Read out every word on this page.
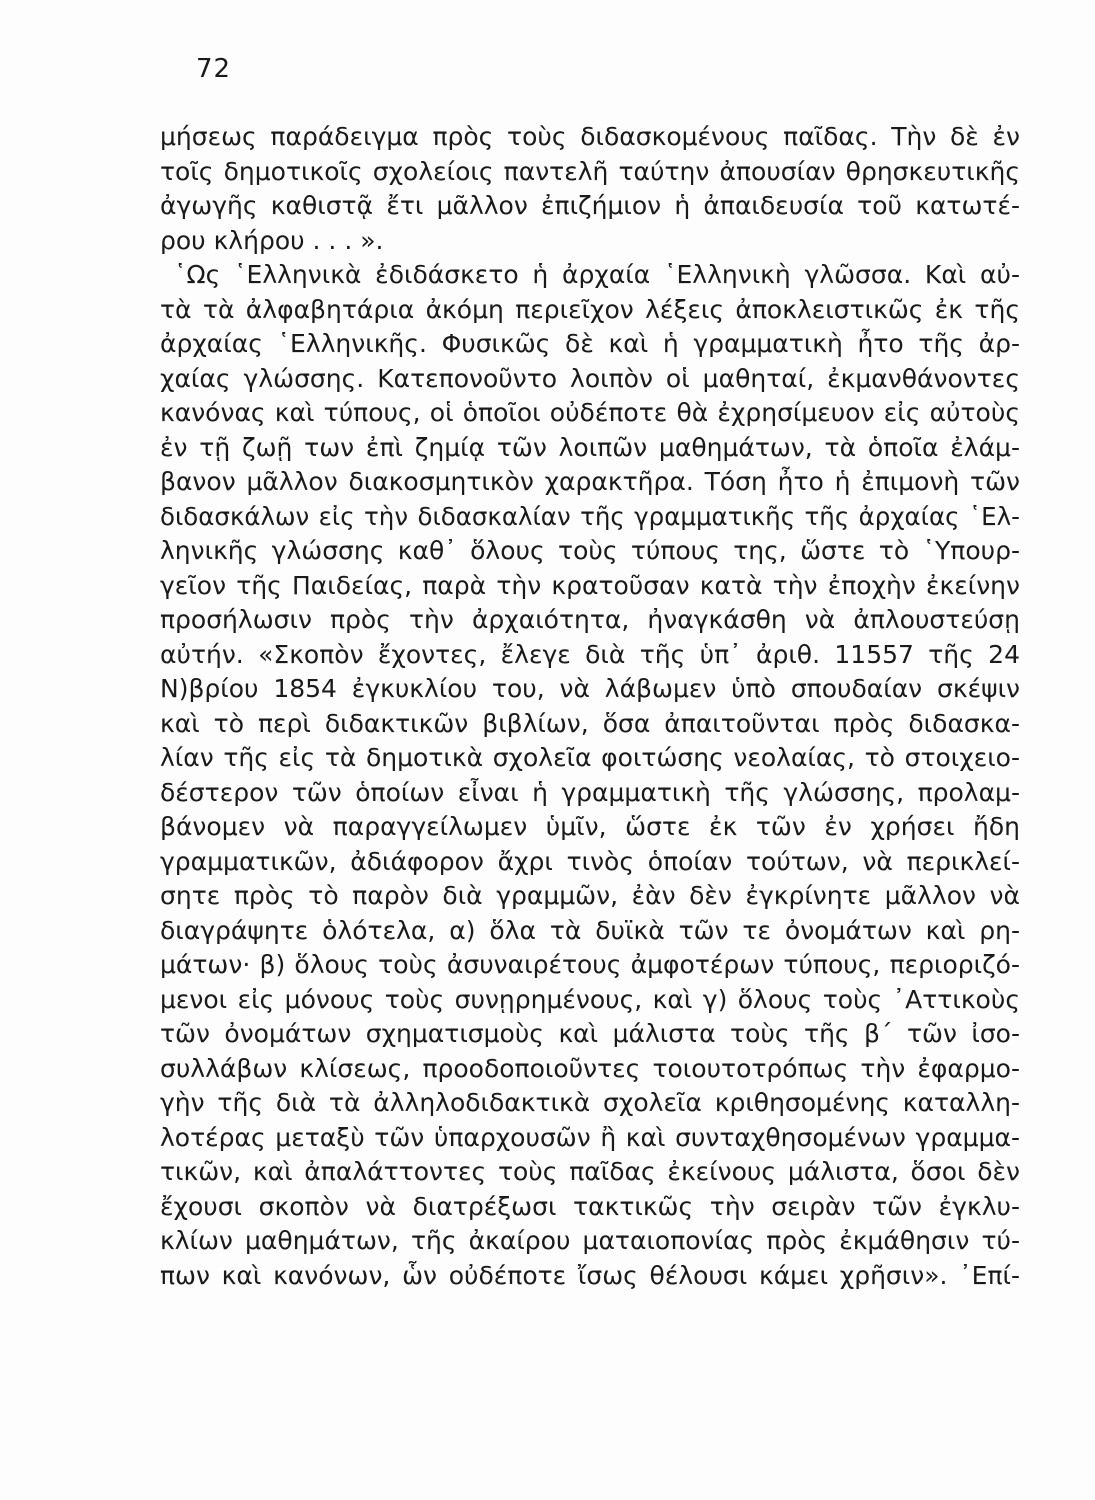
72
μήσεως παράδειγμα πρὸς τοὺς διδασκομένους παῖδας. Τὴν δὲ ἐν
τοῖς δημοτικοῖς σχολείοις παντελῆ ταύτην ἀπουσίαν θρησκευτικῆς
ἀγωγῆς καθιστᾷ ἔτι μᾶλλον ἐπιζήμιον ἡ ἀπαιδευσία τοῦ κατωτέ-
ρου κλήρου . . . ».
῾Ως ῾Ελληνικὰ ἐδιδάσκετο ἡ ἀρχαία ῾Ελληνικὴ γλῶσσα. Καὶ αὐ-
τὰ τὰ ἀλφαβητάρια ἀκόμη περιεῖχον λέξεις ἀποκλειστικῶς ἐκ τῆς
ἀρχαίας ῾Ελληνικῆς. Φυσικῶς δὲ καὶ ἡ γραμματικὴ ἦτο τῆς ἀρ-
χαίας γλώσσης. Κατεπονοῦντο λοιπὸν οἱ μαθηταί, ἐκμανθάνοντες
κανόνας καὶ τύπους, οἱ ὁποῖοι οὐδέποτε θὰ ἐχρησίμευον εἰς αὐτοὺς
ἐν τῇ ζωῇ των ἐπὶ ζημίᾳ τῶν λοιπῶν μαθημάτων, τὰ ὁποῖα ἐλάμ-
βανον μᾶλλον διακοσμητικὸν χαρακτῆρα. Τόση ἦτο ἡ ἐπιμονὴ τῶν
διδασκάλων εἰς τὴν διδασκαλίαν τῆς γραμματικῆς τῆς ἀρχαίας ῾Ελ-
ληνικῆς γλώσσης καθ᾿ ὅλους τοὺς τύπους της, ὥστε τὸ ῾Υπουρ-
γεῖον τῆς Παιδείας, παρὰ τὴν κρατοῦσαν κατὰ τὴν ἐποχὴν ἐκείνην
προσήλωσιν πρὸς τὴν ἀρχαιότητα, ἠναγκάσθη νὰ ἀπλουστεύσῃ
αὐτήν. «Σκοπὸν ἔχοντες, ἔλεγε διὰ τῆς ὑπ᾿ ἀριθ. 11557 τῆς 24
Ν)βρίου 1854 ἐγκυκλίου του, νὰ λάβωμεν ὑπὸ σπουδαίαν σκέψιν
καὶ τὸ περὶ διδακτικῶν βιβλίων, ὅσα ἀπαιτοῦνται πρὸς διδασκα-
λίαν τῆς εἰς τὰ δημοτικὰ σχολεῖα φοιτώσης νεολαίας, τὸ στοιχειο-
δέστερον τῶν ὁποίων εἶναι ἡ γραμματικὴ τῆς γλώσσης, προλαμ-
βάνομεν νὰ παραγγείλωμεν ὑμῖν, ὥστε ἐκ τῶν ἐν χρήσει ἤδη
γραμματικῶν, ἀδιάφορον ἄχρι τινὸς ὁποίαν τούτων, νὰ περικλεί-
σητε πρὸς τὸ παρὸν διὰ γραμμῶν, ἐὰν δὲν ἐγκρίνητε μᾶλλον νὰ
διαγράψητε ὁλότελα, α) ὅλα τὰ δυϊκὰ τῶν τε ὀνομάτων καὶ ρη-
μάτων· β) ὅλους τοὺς ἀσυναιρέτους ἀμφοτέρων τύπους, περιοριζό-
μενοι εἰς μόνους τοὺς συνῃρημένους, καὶ γ) ὅλους τοὺς ᾿Αττικοὺς
τῶν ὀνομάτων σχηματισμοὺς καὶ μάλιστα τοὺς τῆς β΄ τῶν ἰσο-
συλλάβων κλίσεως, προοδοποιοῦντες τοιουτοτρόπως τὴν ἐφαρμο-
γὴν τῆς διὰ τὰ ἀλληλοδιδακτικὰ σχολεῖα κριθησομένης καταλλη-
λοτέρας μεταξὺ τῶν ὑπαρχουσῶν ἢ καὶ συνταχθησομένων γραμμα-
τικῶν, καὶ ἀπαλάττοντες τοὺς παῖδας ἐκείνους μάλιστα, ὅσοι δὲν
ἔχουσι σκοπὸν νὰ διατρέξωσι τακτικῶς τὴν σειρὰν τῶν ἐγκλυ-
κλίων μαθημάτων, τῆς ἀκαίρου ματαιοπονίας πρὸς ἐκμάθησιν τύ-
πων καὶ κανόνων, ὧν οὐδέποτε ἴσως θέλουσι κάμει χρῆσιν». ᾿Επί-
